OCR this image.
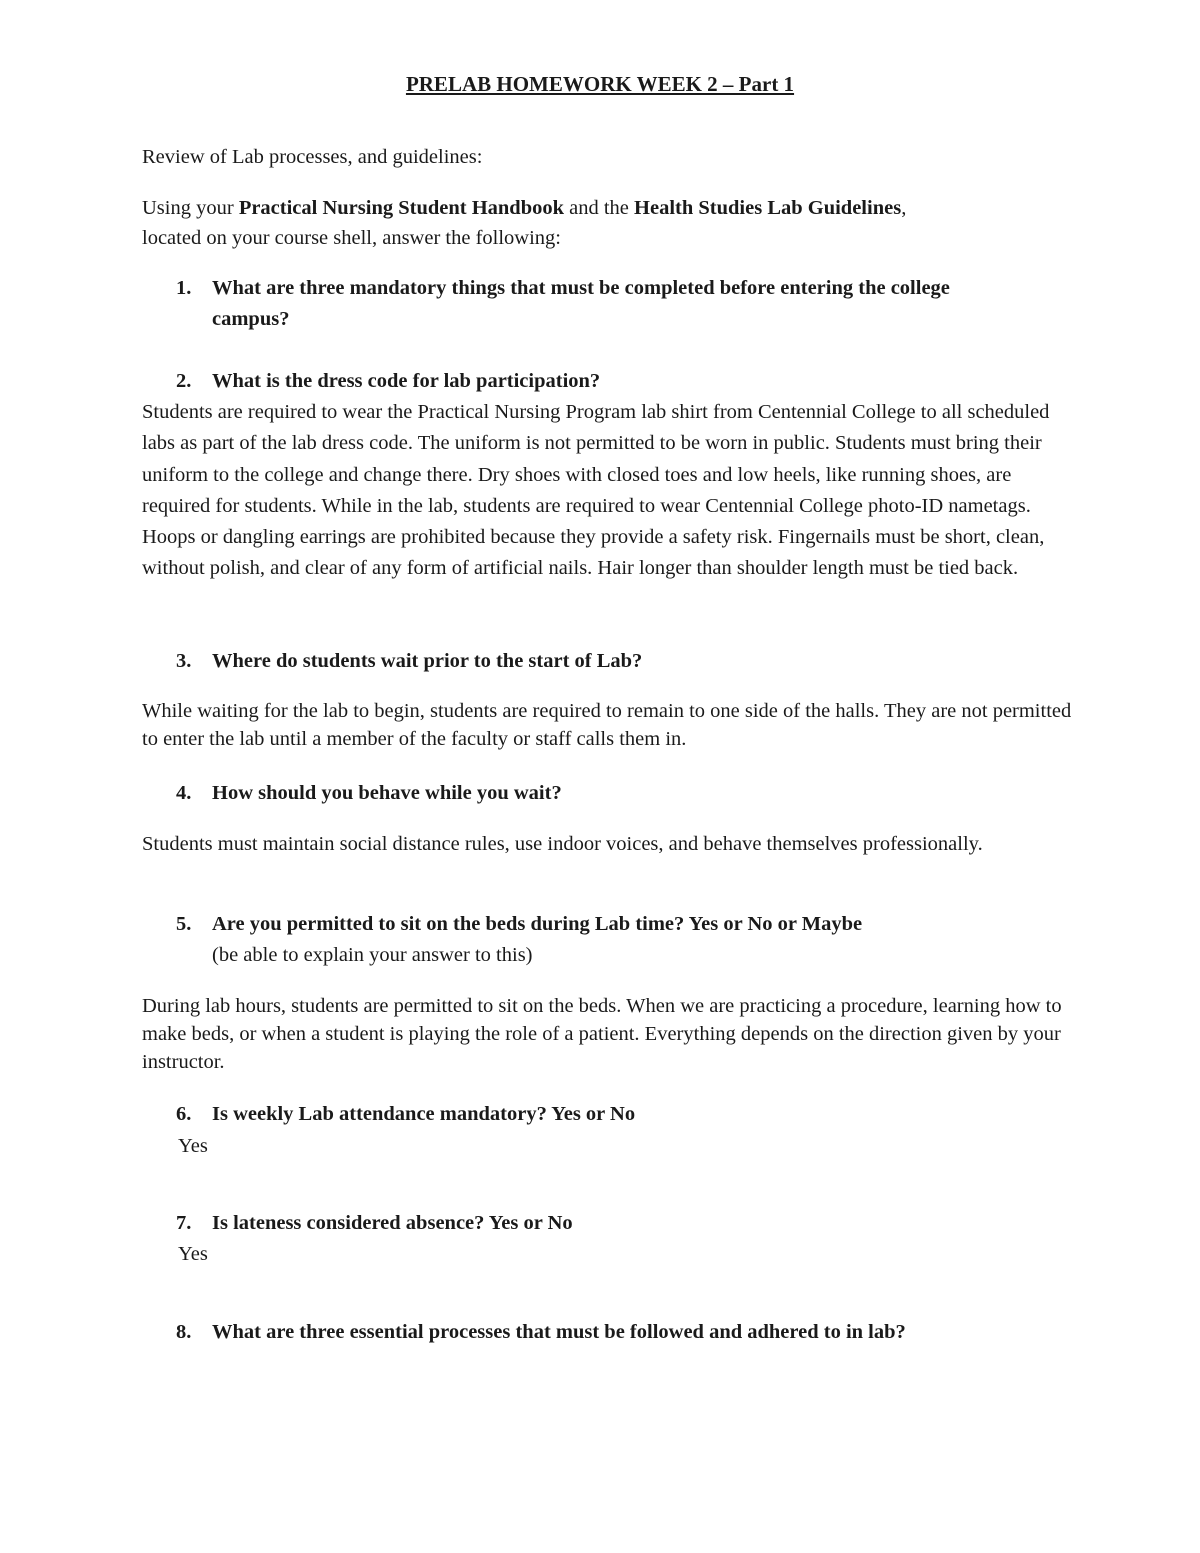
PRELAB HOMEWORK WEEK 2 – Part 1

Review of Lab processes, and guidelines:

Using your Practical Nursing Student Handbook and the Health Studies Lab Guidelines,
located on your course shell, answer the following:

1. What are three mandatory things that must be completed before entering the college
campus?
2. What is the dress code for lab participation?

Students are required to wear the Practical Nursing Program lab shirt from Centennial College to all scheduled labs as part of the lab dress code. The uniform is not permitted to be worn in public. Students must bring their uniform to the college and change there. Dry shoes with closed toes and low heels, like running shoes, are required for students. While in the lab, students are required to wear Centennial College photo-ID nametags. Hoops or dangling earrings are prohibited because they provide a safety risk. Fingernails must be short, clean, without polish, and clear of any form of artificial nails. Hair longer than shoulder length must be tied back.

3. Where do students wait prior to the start of Lab?

While waiting for the lab to begin, students are required to remain to one side of the halls. They are not permitted to enter the lab until a member of the faculty or staff calls them in.

4. How should you behave while you wait?

Students must maintain social distance rules, use indoor voices, and behave themselves professionally.

5. Are you permitted to sit on the beds during Lab time? Yes or No or Maybe

(be able to explain your answer to this)

During lab hours, students are permitted to sit on the beds. When we are practicing a procedure, learning how to make beds, or when a student is playing the role of a patient. Everything depends on the direction given by your instructor.

6. Is weekly Lab attendance mandatory? Yes or No

Yes

7. Is lateness considered absence? Yes or No

Yes

8. What are three essential processes that must be followed and adhered to in lab?
